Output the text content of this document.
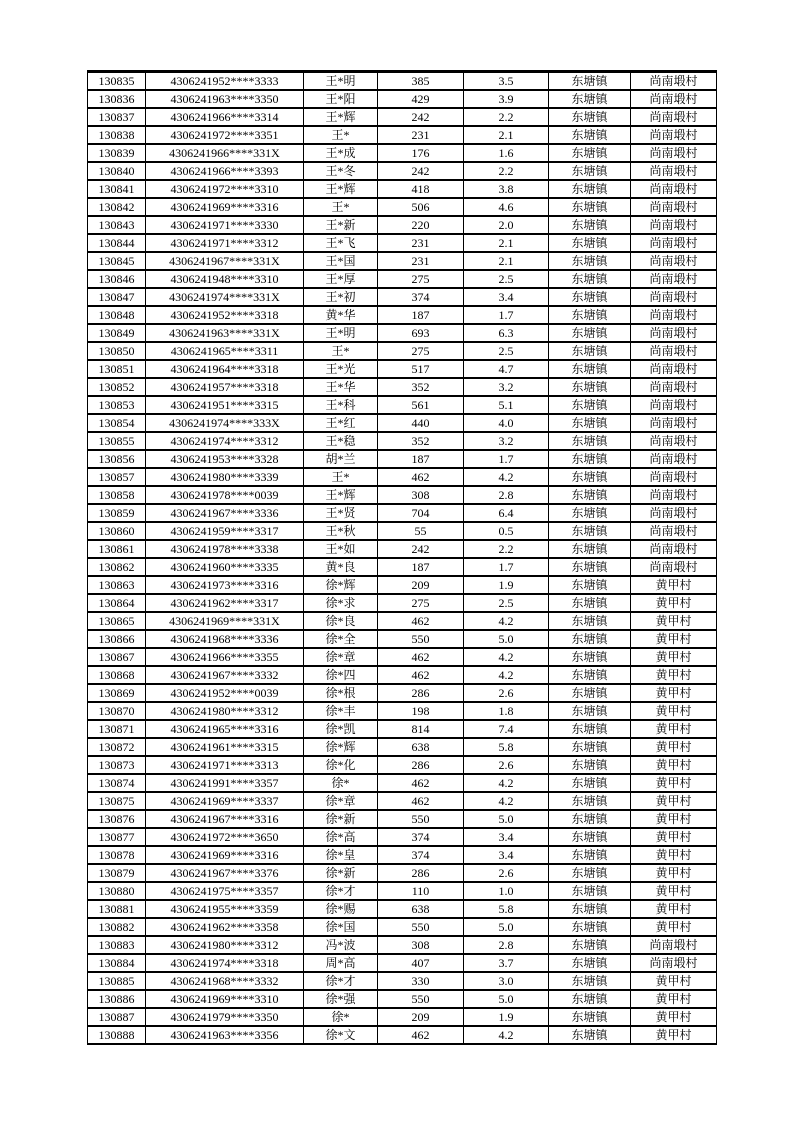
130835	4306241952****3333	王*明	385	3.5	东塘镇	尚南塅村
130836	4306241963****3350	王*阳	429	3.9	东塘镇	尚南塅村
130837	4306241966****3314	王*辉	242	2.2	东塘镇	尚南塅村
130838	4306241972****3351	王*	231	2.1	东塘镇	尚南塅村
130839	4306241966****331X	王*成	176	1.6	东塘镇	尚南塅村
130840	4306241966****3393	王*冬	242	2.2	东塘镇	尚南塅村
130841	4306241972****3310	王*辉	418	3.8	东塘镇	尚南塅村
130842	4306241969****3316	王*	506	4.6	东塘镇	尚南塅村
130843	4306241971****3330	王*新	220	2.0	东塘镇	尚南塅村
130844	4306241971****3312	王*飞	231	2.1	东塘镇	尚南塅村
130845	4306241967****331X	王*国	231	2.1	东塘镇	尚南塅村
130846	4306241948****3310	王*厚	275	2.5	东塘镇	尚南塅村
130847	4306241974****331X	王*初	374	3.4	东塘镇	尚南塅村
130848	4306241952****3318	黄*华	187	1.7	东塘镇	尚南塅村
130849	4306241963****331X	王*明	693	6.3	东塘镇	尚南塅村
130850	4306241965****3311	王*	275	2.5	东塘镇	尚南塅村
130851	4306241964****3318	王*光	517	4.7	东塘镇	尚南塅村
130852	4306241957****3318	王*华	352	3.2	东塘镇	尚南塅村
130853	4306241951****3315	王*科	561	5.1	东塘镇	尚南塅村
130854	4306241974****333X	王*红	440	4.0	东塘镇	尚南塅村
130855	4306241974****3312	王*稳	352	3.2	东塘镇	尚南塅村
130856	4306241953****3328	胡*兰	187	1.7	东塘镇	尚南塅村
130857	4306241980****3339	王*	462	4.2	东塘镇	尚南塅村
130858	4306241978****0039	王*辉	308	2.8	东塘镇	尚南塅村
130859	4306241967****3336	王*贤	704	6.4	东塘镇	尚南塅村
130860	4306241959****3317	王*秋	55	0.5	东塘镇	尚南塅村
130861	4306241978****3338	王*如	242	2.2	东塘镇	尚南塅村
130862	4306241960****3335	黄*良	187	1.7	东塘镇	尚南塅村
130863	4306241973****3316	徐*辉	209	1.9	东塘镇	黄甲村
130864	4306241962****3317	徐*求	275	2.5	东塘镇	黄甲村
130865	4306241969****331X	徐*良	462	4.2	东塘镇	黄甲村
130866	4306241968****3336	徐*全	550	5.0	东塘镇	黄甲村
130867	4306241966****3355	徐*章	462	4.2	东塘镇	黄甲村
130868	4306241967****3332	徐*四	462	4.2	东塘镇	黄甲村
130869	4306241952****0039	徐*根	286	2.6	东塘镇	黄甲村
130870	4306241980****3312	徐*丰	198	1.8	东塘镇	黄甲村
130871	4306241965****3316	徐*凯	814	7.4	东塘镇	黄甲村
130872	4306241961****3315	徐*辉	638	5.8	东塘镇	黄甲村
130873	4306241971****3313	徐*化	286	2.6	东塘镇	黄甲村
130874	4306241991****3357	徐*	462	4.2	东塘镇	黄甲村
130875	4306241969****3337	徐*章	462	4.2	东塘镇	黄甲村
130876	4306241967****3316	徐*新	550	5.0	东塘镇	黄甲村
130877	4306241972****3650	徐*高	374	3.4	东塘镇	黄甲村
130878	4306241969****3316	徐*皇	374	3.4	东塘镇	黄甲村
130879	4306241967****3376	徐*新	286	2.6	东塘镇	黄甲村
130880	4306241975****3357	徐*才	110	1.0	东塘镇	黄甲村
130881	4306241955****3359	徐*赐	638	5.8	东塘镇	黄甲村
130882	4306241962****3358	徐*国	550	5.0	东塘镇	黄甲村
130883	4306241980****3312	冯*波	308	2.8	东塘镇	尚南塅村
130884	4306241974****3318	周*高	407	3.7	东塘镇	尚南塅村
130885	4306241968****3332	徐*才	330	3.0	东塘镇	黄甲村
130886	4306241969****3310	徐*强	550	5.0	东塘镇	黄甲村
130887	4306241979****3350	徐*	209	1.9	东塘镇	黄甲村
130888	4306241963****3356	徐*文	462	4.2	东塘镇	黄甲村
